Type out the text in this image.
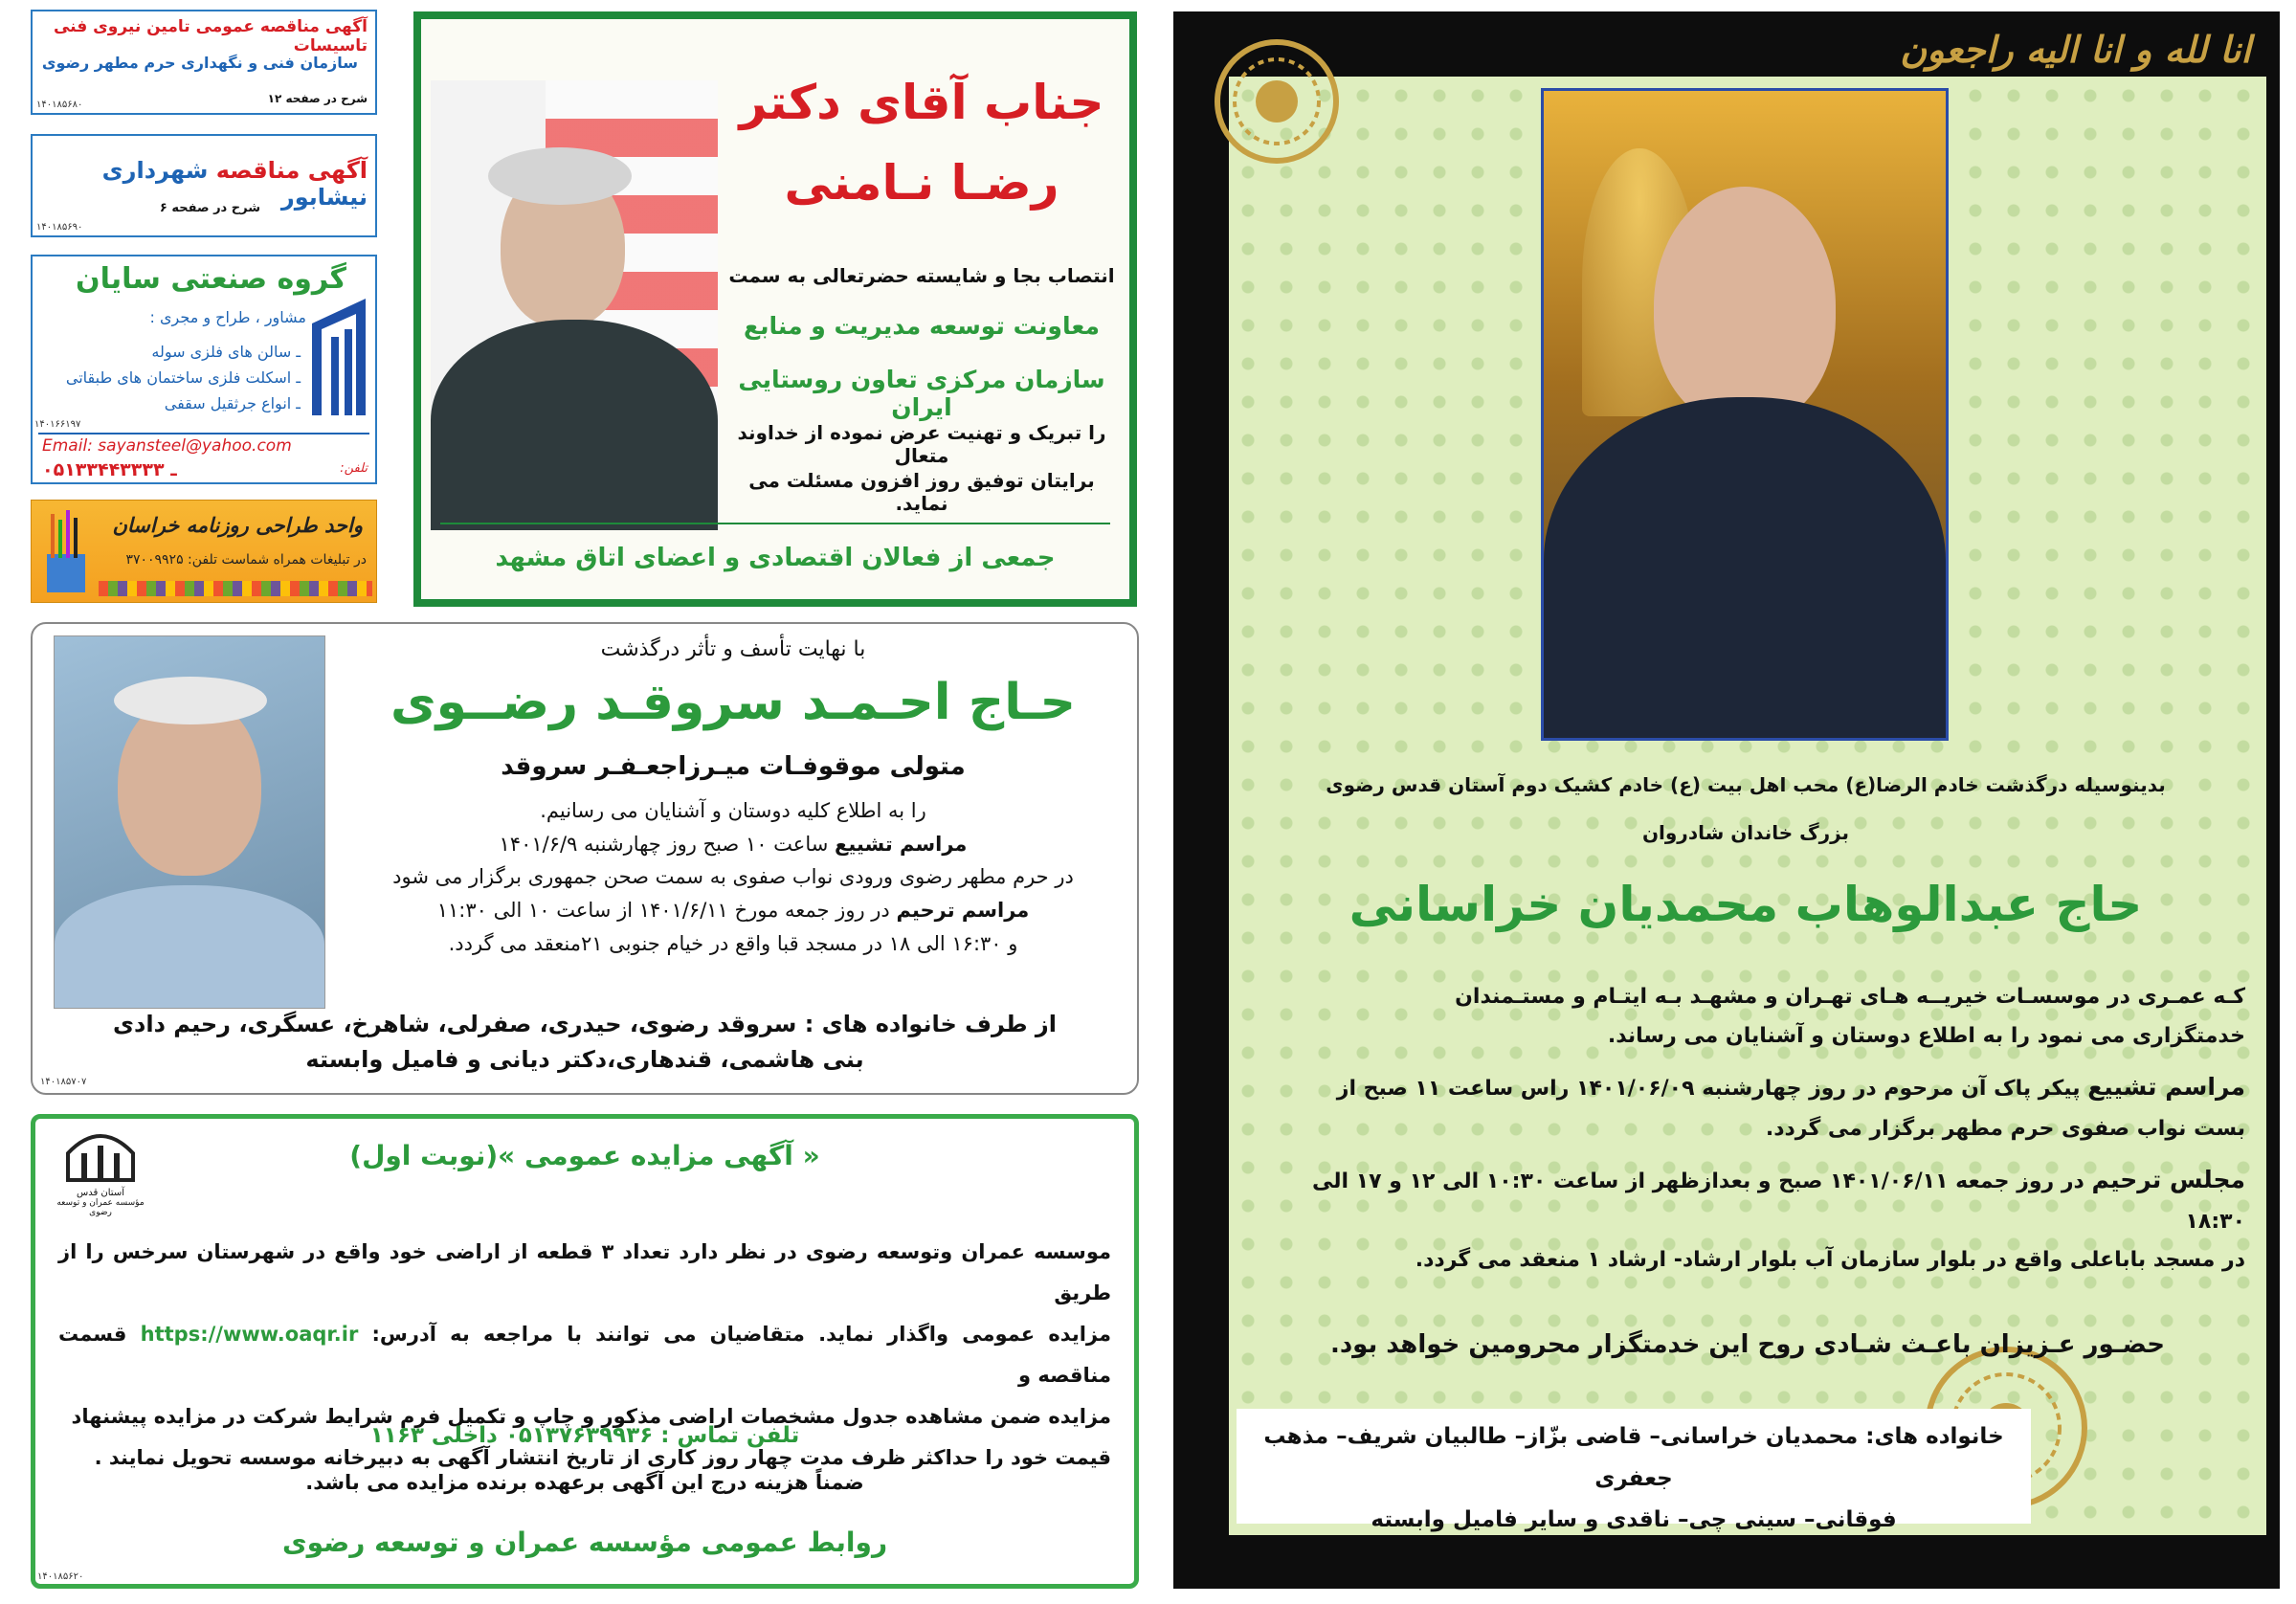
آگهی مناقصه عمومی تامین نیروی فنی تاسیسات
سازمان فنی و نگهداری حرم مطهر رضوی
شرح در صفحه ۱۲
۱۴۰۱۸۵۶۸۰
آگهی مناقصه شهرداری نیشابور
شرح در صفحه ۶
۱۴۰۱۸۵۶۹۰
گروه صنعتی سایان
مشاور ، طراح و مجری :
ـ سالن های فلزی سوله
ـ اسکلت فلزی ساختمان های طبقاتی
ـ انواع جرثقیل سقفی
Email: sayansteel@yahoo.com
۰۵۱ـ ۳۳۴۴۳۳۳۳	تلفن:
۱۴۰۱۶۶۱۹۷
واحد طراحی روزنامه خراسان
در تبلیغات همراه شماست تلفن: ۳۷۰۰۹۹۲۵
جناب آقای دکتر
رضـا نـامنی
انتصاب بجا و شایسته حضرتعالی به سمت
معاونت توسعه مدیریت و منابع
سازمان مرکزی تعاون روستایی ایران
را تبریک و تهنیت عرض نموده از خداوند متعال
برایتان توفیق روز افزون مسئلت می نماید.
جمعی از فعالان اقتصادی و اعضای اتاق مشهد
با نهایت تأسف و تأثر درگذشت
حـاج احـمـد سروقـد رضــوی
متولی موقوفـات میـرزاجعـفـر سروقد
را به اطلاع کلیه دوستان و آشنایان می رسانیم.
مراسم تشییع ساعت ۱۰ صبح روز چهارشنبه ۱۴۰۱/۶/۹
در حرم مطهر رضوی ورودی نواب صفوی به سمت صحن جمهوری برگزار می شود
مراسم ترحیم در روز جمعه مورخ ۱۴۰۱/۶/۱۱ از ساعت ۱۰ الی ۱۱:۳۰
و ۱۶:۳۰ الی ۱۸ در مسجد قبا واقع در خیام جنوبی ۲۱منعقد می گردد.
از طرف خانواده های : سروقد رضوی، حیدری، صفرلی، شاهرخ، عسگری، رحیم دادی
بنی هاشمی، قندهاری،دکتر دیانی و فامیل وابسته
۱۴۰۱۸۵۷۰۷
« آگهی مزایده عمومی »(نوبت اول)
آستان قدس
مؤسسه عمران و توسعه رضوی
موسسه عمران وتوسعه رضوی در نظر دارد تعداد ۳ قطعه از اراضی خود واقع در شهرستان سرخس را از طریق
مزایده عمومی واگذار نماید. متقاضیان می توانند با مراجعه به آدرس: https://www.oaqr.ir قسمت مناقصه و
مزایده ضمن مشاهده جدول مشخصات اراضی مذکور و چاپ و تکمیل فرم شرایط شرکت در مزایده پیشنهاد
قیمت خود را حداکثر ظرف مدت چهار روز کاری از تاریخ انتشار آگهی به دبیرخانه موسسه تحویل نمایند .
تلفن تماس : ۰۵۱۳۷۶۳۹۹۳۶ داخلی ۱۱۶۳
ضمناً هزینه درج این آگهی برعهده برنده مزایده می باشد.
روابط عمومی مؤسسه عمران و توسعه رضوی
۱۴۰۱۸۵۶۲۰
انا لله و انا الیه راجعون
بدینوسیله درگذشت خادم الرضا(ع) محب اهل بیت (ع) خادم کشیک دوم آستان قدس رضوی
بزرگ خاندان شادروان
حاج عبدالوهاب محمدیان خراسانی
کـه عمـری در موسسـات خیریــه هـای تهـران و مشهـد بـه ایتـام و مستـمندان
خدمتگزاری می نمود را به اطلاع دوستان و آشنایان می رساند.
مراسم تشییع پیکر پاک آن مرحوم در روز چهارشنبه ۱۴۰۱/۰۶/۰۹ راس ساعت ۱۱ صبح از
بست نواب صفوی حرم مطهر برگزار می گردد.
مجلس ترحیم در روز جمعه ۱۴۰۱/۰۶/۱۱ صبح و بعدازظهر از ساعت ۱۰:۳۰ الی ۱۲ و ۱۷ الی ۱۸:۳۰
در مسجد باباعلی واقع در بلوار سازمان آب بلوار ارشاد- ارشاد ۱ منعقد می گردد.
حضـور عـزیزان باعـث شـادی روح این خدمتگزار محرومین خواهد بود.
خانواده های: محمدیان خراسانی– قاضی بزّاز– طالبیان شریف– مذهب جعفری
فوقانی– سینی چی– ناقدی و سایر فامیل وابسته
